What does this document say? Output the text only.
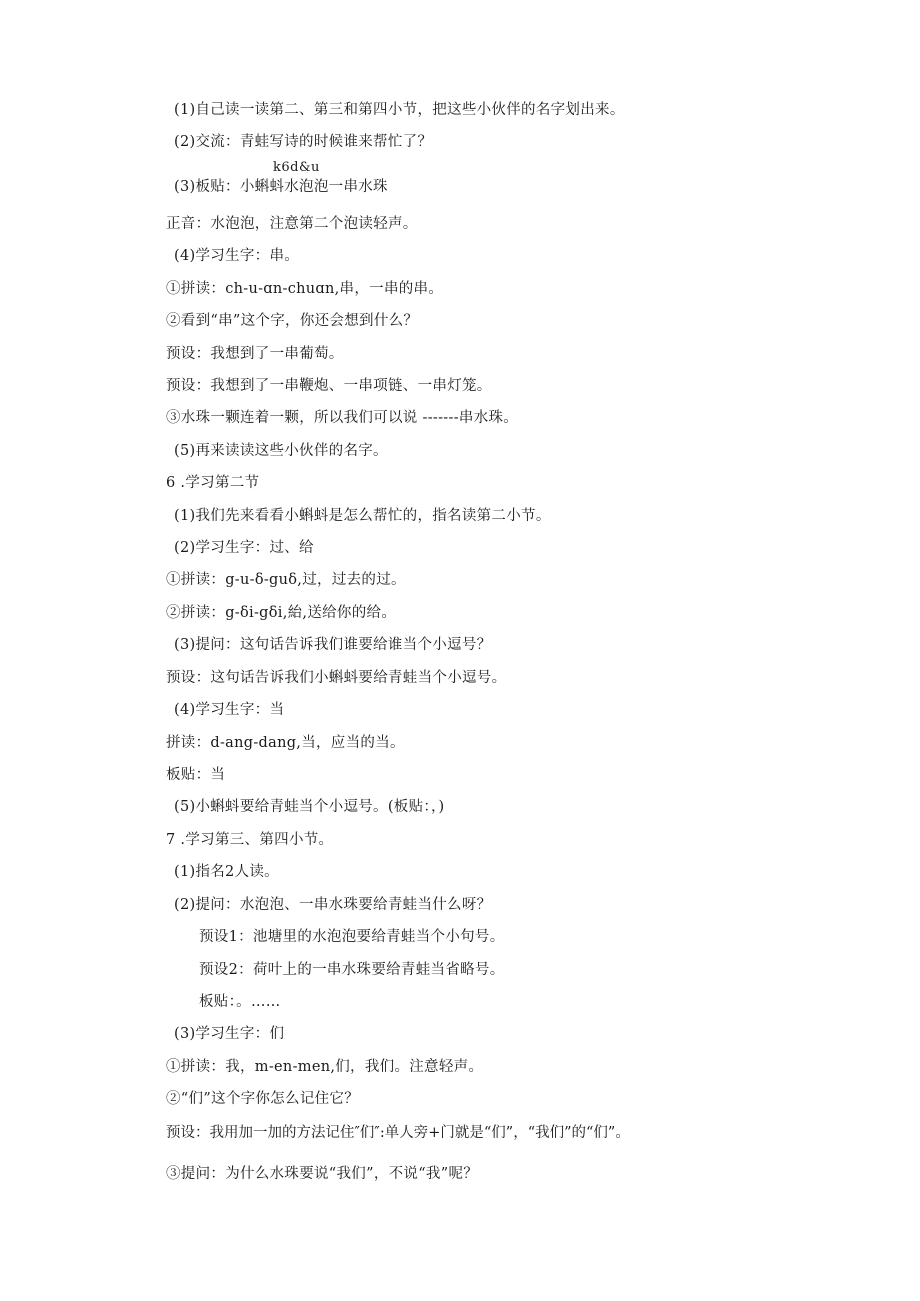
(1)自己读一读第二、第三和第四小节，把这些小伙伴的名字划出来。
(2)交流：青蛙写诗的时候谁来帮忙了？
k6d&u
(3)板贴：小蝌蚪水泡泡一串水珠
正音：水泡泡，注意第二个泡读轻声。
(4)学习生字：串。
①拼读：ch-u-ɑn-chuɑn,串，一串的串。
②看到“串”这个字，你还会想到什么？
预设：我想到了一串葡萄。
预设：我想到了一串鞭炮、一串项链、一串灯笼。
③水珠一颗连着一颗，所以我们可以说 -------串水珠。
(5)再来读读这些小伙伴的名字。
6 .学习第二节
(1)我们先来看看小蝌蚪是怎么帮忙的，指名读第二小节。
(2)学习生字：过、给
①拼读：g-u-δ-guδ,过，过去的过。
②拼读：g-δi-gδi,紿,送给你的给。
(3)提问：这句话告诉我们谁要给谁当个小逗号？
预设：这句话告诉我们小蝌蚪要给青蛙当个小逗号。
(4)学习生字：当
拼读：d-ang-dang,当，应当的当。
板贴：当
(5)小蝌蚪要给青蛙当个小逗号。(板贴：，)
7 .学习第三、第四小节。
(1)指名2人读。
(2)提问：水泡泡、一串水珠要给青蛙当什么呀？
预设1：池塘里的水泡泡要给青蛙当个小句号。
预设2：荷叶上的一串水珠要给青蛙当省略号。
板贴：。……
(3)学习生字：们
①拼读：我，m-en-men,们，我们。注意轻声。
②“们”这个字你怎么记住它？
预设：我用加一加的方法记住″们″:单人旁+门就是“们”，“我们”的“们”。
③提问：为什么水珠要说“我们”，不说“我”呢？
